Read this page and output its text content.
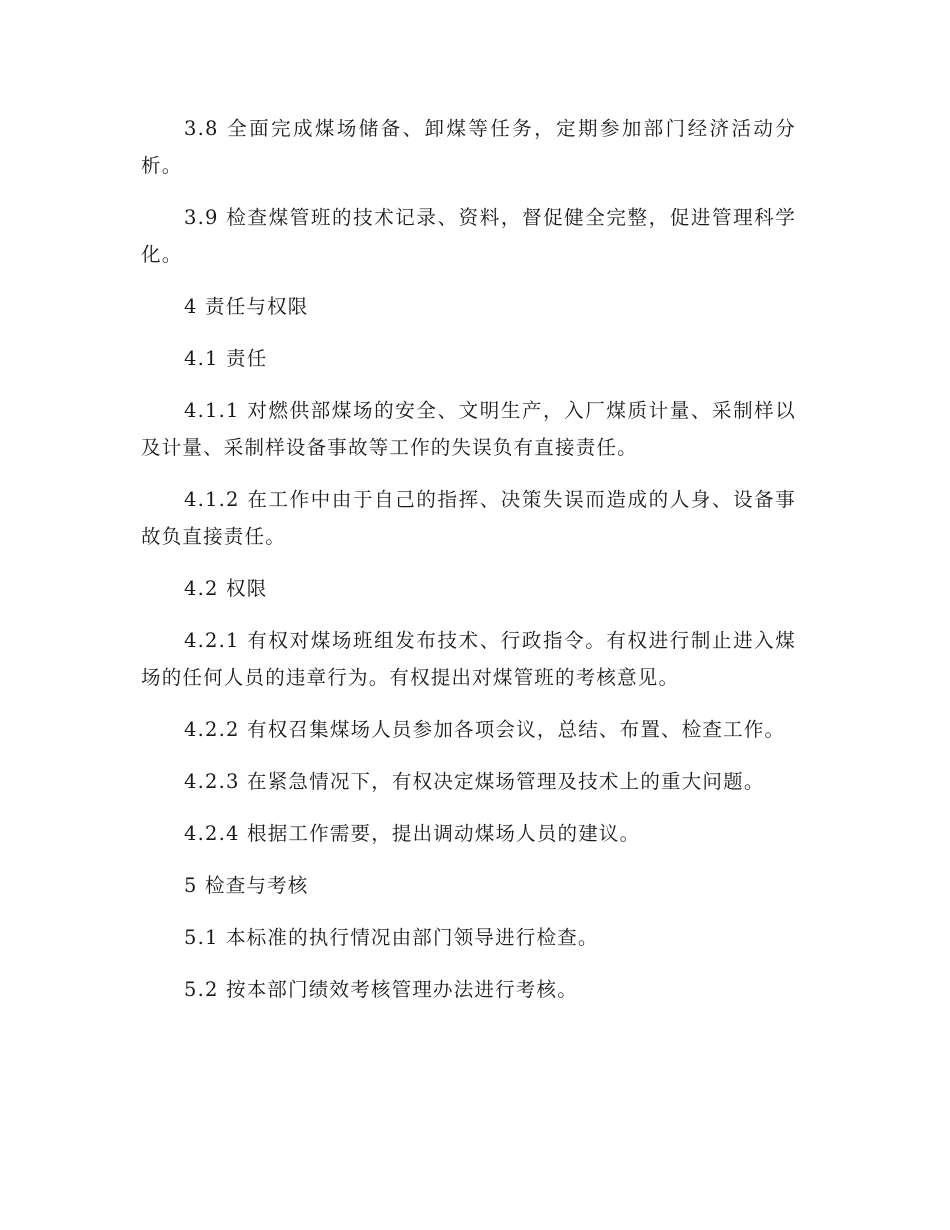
3.8 全面完成煤场储备、卸煤等任务，定期参加部门经济活动分析。

3.9 检查煤管班的技术记录、资料，督促健全完整，促进管理科学化。

4 责任与权限

4.1 责任

4.1.1 对燃供部煤场的安全、文明生产，入厂煤质计量、采制样以及计量、采制样设备事故等工作的失误负有直接责任。

4.1.2 在工作中由于自己的指挥、决策失误而造成的人身、设备事故负直接责任。

4.2 权限

4.2.1 有权对煤场班组发布技术、行政指令。有权进行制止进入煤场的任何人员的违章行为。有权提出对煤管班的考核意见。

4.2.2 有权召集煤场人员参加各项会议，总结、布置、检查工作。

4.2.3 在紧急情况下，有权决定煤场管理及技术上的重大问题。

4.2.4 根据工作需要，提出调动煤场人员的建议。

5 检查与考核

5.1 本标准的执行情况由部门领导进行检查。

5.2 按本部门绩效考核管理办法进行考核。
